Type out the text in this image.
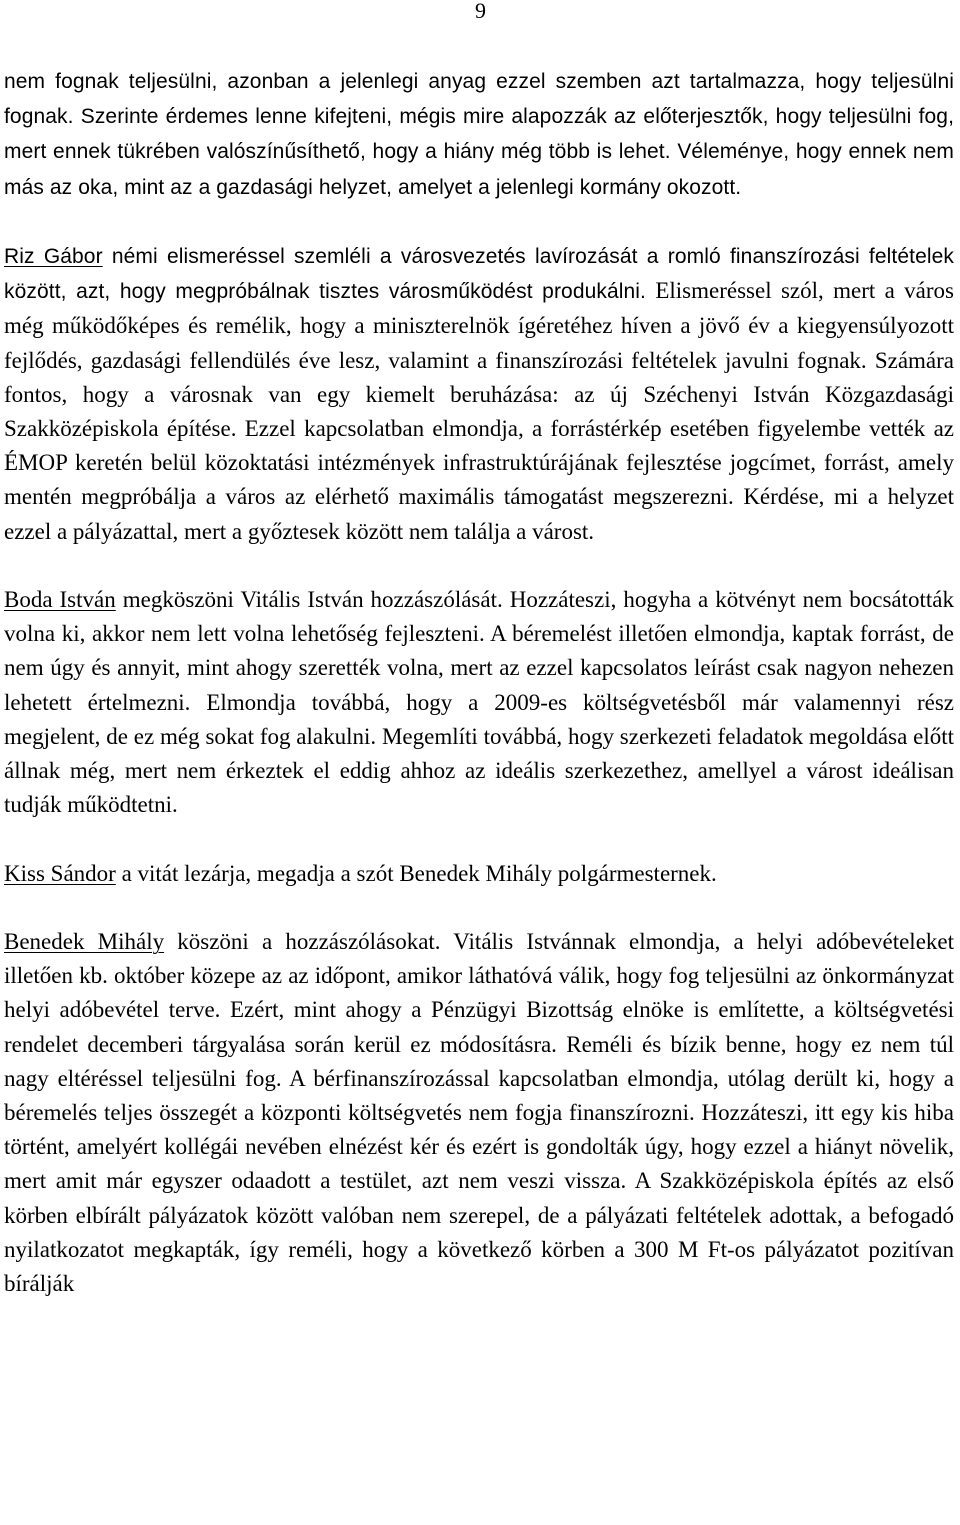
9

nem fognak teljesülni, azonban a jelenlegi anyag ezzel szemben azt tartalmazza, hogy teljesülni fognak. Szerinte érdemes lenne kifejteni, mégis mire alapozzák az előterjesztők, hogy teljesülni fog, mert ennek tükrében valószínűsíthető, hogy a hiány még több is lehet. Véleménye, hogy ennek nem más az oka, mint az a gazdasági helyzet, amelyet a jelenlegi kormány okozott.

Riz Gábor némi elismeréssel szemléli a városvezetés lavírozását a romló finanszírozási feltételek között, azt, hogy megpróbálnak tisztes városműködést produkálni. Elismeréssel szól, mert a város még működőképes és remélik, hogy a miniszterelnök ígéretéhez híven a jövő év a kiegyensúlyozott fejlődés, gazdasági fellendülés éve lesz, valamint a finanszírozási feltételek javulni fognak. Számára fontos, hogy a városnak van egy kiemelt beruházása: az új Széchenyi István Közgazdasági Szakközépiskola építése. Ezzel kapcsolatban elmondja, a forrástérkép esetében figyelembe vették az ÉMOP keretén belül közoktatási intézmények infrastruktúrájának fejlesztése jogcímet, forrást, amely mentén megpróbálja a város az elérhető maximális támogatást megszerezni. Kérdése, mi a helyzet ezzel a pályázattal, mert a győztesek között nem találja a várost.

Boda István megköszöni Vitális István hozzászólását. Hozzáteszi, hogyha a kötvényt nem bocsátották volna ki, akkor nem lett volna lehetőség fejleszteni. A béremelést illetően elmondja, kaptak forrást, de nem úgy és annyit, mint ahogy szerették volna, mert az ezzel kapcsolatos leírást csak nagyon nehezen lehetett értelmezni. Elmondja továbbá, hogy a 2009-es költségvetésből már valamennyi rész megjelent, de ez még sokat fog alakulni. Megemlíti továbbá, hogy szerkezeti feladatok megoldása előtt állnak még, mert nem érkeztek el eddig ahhoz az ideális szerkezethez, amellyel a várost ideálisan tudják működtetni.

Kiss Sándor a vitát lezárja, megadja a szót Benedek Mihály polgármesternek.

Benedek Mihály köszöni a hozzászólásokat. Vitális Istvánnak elmondja, a helyi adóbevételeket illetően kb. október közepe az az időpont, amikor láthatóvá válik, hogy fog teljesülni az önkormányzat helyi adóbevétel terve. Ezért, mint ahogy a Pénzügyi Bizottság elnöke is említette, a költségvetési rendelet decemberi tárgyalása során kerül ez módosításra. Reméli és bízik benne, hogy ez nem túl nagy eltéréssel teljesülni fog. A bérfinanszírozással kapcsolatban elmondja, utólag derült ki, hogy a béremelés teljes összegét a központi költségvetés nem fogja finanszírozni. Hozzáteszi, itt egy kis hiba történt, amelyért kollégái nevében elnézést kér és ezért is gondolták úgy, hogy ezzel a hiányt növelik, mert amit már egyszer odaadott a testület, azt nem veszi vissza. A Szakközépiskola építés az első körben elbírált pályázatok között valóban nem szerepel, de a pályázati feltételek adottak, a befogadó nyilatkozatot megkapták, így reméli, hogy a következő körben a 300 M Ft-os pályázatot pozitívan bírálják
